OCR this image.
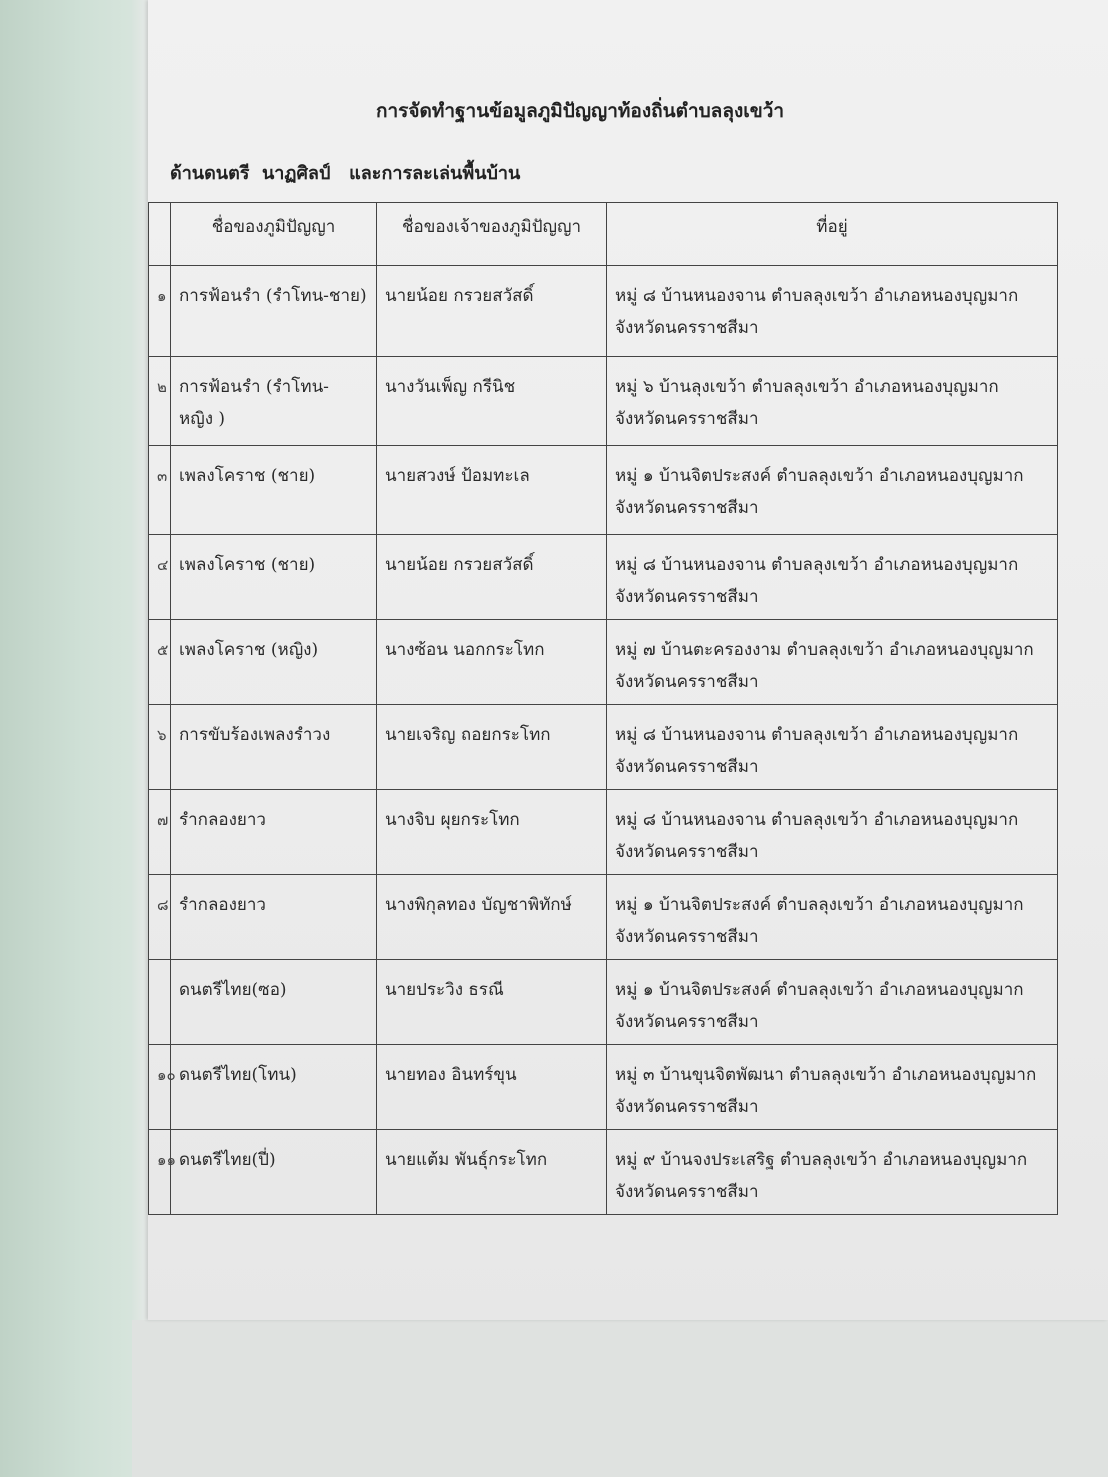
การจัดทำฐานข้อมูลภูมิปัญญาท้องถิ่นตำบลลุงเขว้า
ด้านดนตรี  นาฏศิลป์   และการละเล่นพื้นบ้าน
	ชื่อของภูมิปัญญา	ชื่อของเจ้าของภูมิปัญญา	ที่อยู่
๑	การฟ้อนรำ (รำโทน-ชาย)	นายน้อย กรวยสวัสดิ์	หมู่ ๘ บ้านหนองจาน ตำบลลุงเขว้า อำเภอหนองบุญมาก จังหวัดนครราชสีมา
๒	การฟ้อนรำ (รำโทน- หญิง )	นางวันเพ็ญ กรีนิช	หมู่ ๖ บ้านลุงเขว้า ตำบลลุงเขว้า อำเภอหนองบุญมาก จังหวัดนครราชสีมา
๓	เพลงโคราช (ชาย)	นายสวงษ์ ป้อมทะเล	หมู่ ๑ บ้านจิตประสงค์ ตำบลลุงเขว้า อำเภอหนองบุญมาก จังหวัดนครราชสีมา
๔	เพลงโคราช (ชาย)	นายน้อย กรวยสวัสดิ์	หมู่ ๘ บ้านหนองจาน ตำบลลุงเขว้า อำเภอหนองบุญมาก จังหวัดนครราชสีมา
๕	เพลงโคราช (หญิง)	นางซ้อน นอกกระโทก	หมู่ ๗ บ้านตะครองงาม ตำบลลุงเขว้า อำเภอหนองบุญมาก จังหวัดนครราชสีมา
๖	การขับร้องเพลงรำวง	นายเจริญ ถอยกระโทก	หมู่ ๘ บ้านหนองจาน ตำบลลุงเขว้า อำเภอหนองบุญมาก จังหวัดนครราชสีมา
๗	รำกลองยาว	นางจิบ ผุยกระโทก	หมู่ ๘ บ้านหนองจาน ตำบลลุงเขว้า อำเภอหนองบุญมาก จังหวัดนครราชสีมา
๘	รำกลองยาว	นางพิกุลทอง บัญชาพิทักษ์	หมู่ ๑ บ้านจิตประสงค์ ตำบลลุงเขว้า อำเภอหนองบุญมาก จังหวัดนครราชสีมา
	ดนตรีไทย(ซอ)	นายประวิง ธรณี	หมู่ ๑ บ้านจิตประสงค์ ตำบลลุงเขว้า อำเภอหนองบุญมาก จังหวัดนครราชสีมา
๑๐	ดนตรีไทย(โทน)	นายทอง อินทร์ขุน	หมู่ ๓ บ้านขุนจิตพัฒนา ตำบลลุงเขว้า อำเภอหนองบุญมาก จังหวัดนครราชสีมา
๑๑	ดนตรีไทย(ปี่)	นายแต้ม พันธุ์กระโทก	หมู่ ๙ บ้านจงประเสริฐ ตำบลลุงเขว้า อำเภอหนองบุญมาก จังหวัดนครราชสีมา
